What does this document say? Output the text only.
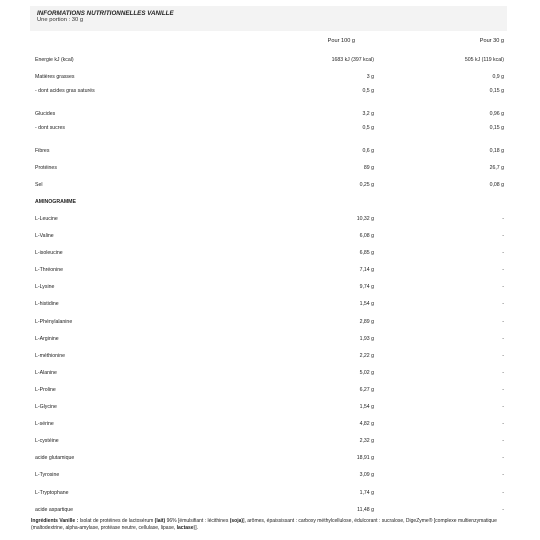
INFORMATIONS NUTRITIONNELLES VANILLE
Une portion : 30 g
Pour 100 g	Pour 30 g
Energie kJ (kcal)	1683 kJ (397 kcal)	505 kJ (119 kcal)
Matières grasses	3 g	0,9 g
- dont acides gras saturés	0,5 g	0,15 g
Glucides	3,2 g	0,96 g
- dont sucres	0,5 g	0,15 g
Fibres	0,6 g	0,18 g
Protéines	89 g	26,7 g
Sel	0,25 g	0,08 g
AMINOGRAMME
L-Leucine	10,32 g	-
L-Valine	6,08 g	-
L-isoleucine	6,85 g	-
L-Thréonine	7,14 g	-
L-Lysine	9,74 g	-
L-histidine	1,54 g	-
L-Phénylalanine	2,89 g	-
L-Arginine	1,93 g	-
L-méthionine	2,22 g	-
L-Alanine	5,02 g	-
L-Proline	6,27 g	-
L-Glycine	1,54 g	-
L-sérine	4,82 g	-
L-cystéine	2,32 g	-
acide glutamique	18,91 g	-
L-Tyrosine	3,09 g	-
L-Tryptophane	1,74 g	-
acide aspartique	11,48 g	-
Ingrédients Vanille : Isolat de protéines de lactosérum (lait) 96% [émulsifiant : lécithines (soja)], arômes, épaississant : carboxy méthylcellulose, édulcorant : sucralose, DigeZyme® [complexe multienzymatique (maltodextrine, alpha-amylase, protéase neutre, cellulase, lipase, lactase)].
